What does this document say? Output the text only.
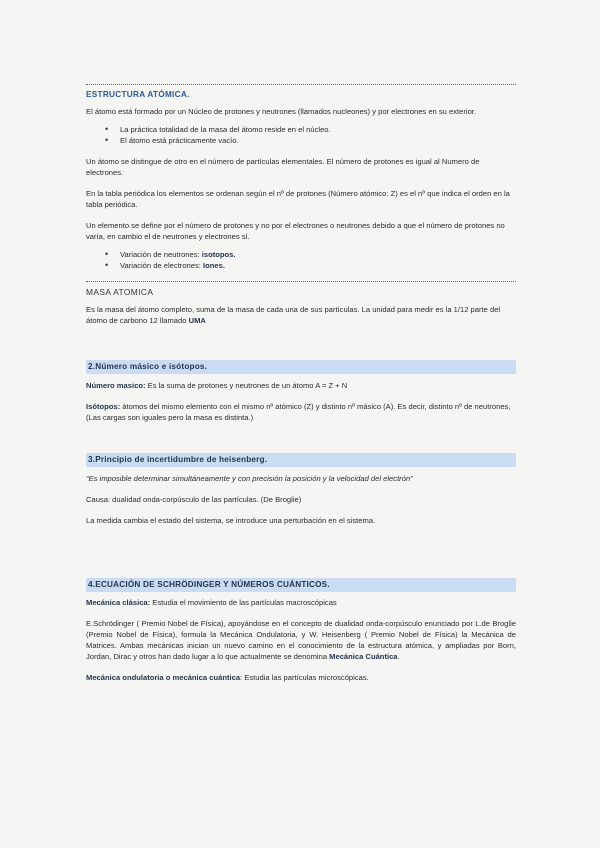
ESTRUCTURA ATÓMICA.

El átomo está formado por un Núcleo de protones y neutrones (llamados nucleones) y por electrones en su exterior.

• La práctica totalidad de la masa del átomo reside en el núcleo.
• El átomo está prácticamente vacío.

Un átomo se distingue de otro en el número de partículas elementales. El número de protones es igual al Numero de electrones.

En la tabla periódica los elementos se ordenan según el nº de protones (Número atómico: Z) es el nº que indica el orden en la tabla periódica.

Un elemento se define por el número de protones y no por el electrones o neutrones debido a que el número de protones no varía, en cambio el de neutrones y electrones sí.

• Variación de neutrones: isotopos.
• Variación de electrones: Iones.
MASA ATOMICA

Es la masa del átomo completo, suma de la masa de cada una de sus partículas. La unidad para medir es la 1/12 parte del átomo de carbono 12 llamado UMA

2.Número másico e isótopos.

Número masico: Es la suma de protones y neutrones de un átomo A = Z + N

Isótopos: átomos del mismo elemento con el mismo nº atómico (Z) y distinto nº másico (A). Es decir, distinto nº de neutrones, (Las cargas son iguales pero la masa es distinta.)

3.Principio de incertidumbre de heisenberg.

“Es imposible determinar simultáneamente y con precisión la posición y la velocidad del electrón”

Causa: dualidad onda-corpúsculo de las partículas. (De Broglie)

La medida cambia el estado del sistema, se introduce una perturbación en el sistema.

4.ECUACIÓN DE SCHRÖDINGER Y NÚMEROS CUÁNTICOS.

Mecánica clásica: Estudia el movimiento de las partículas macroscópicas

E.Schrödinger ( Premio Nobel de Física), apoyándose en el concepto de dualidad onda-corpúsculo enunciado por L.de Broglie (Premio Nobel de Física), formula la Mecánica Ondulatoria, y W. Heisenberg ( Premio Nobel de Física) la Mecánica de Matrices. Ambas mecánicas inician un nuevo camino en el conocimiento de la estructura atómica, y ampliadas por Born, Jordan, Dirac y otros han dado lugar a lo que actualmente se denomina Mecánica Cuántica.

Mecánica ondulatoria o mecánica cuántica: Estudia las partículas microscópicas.
